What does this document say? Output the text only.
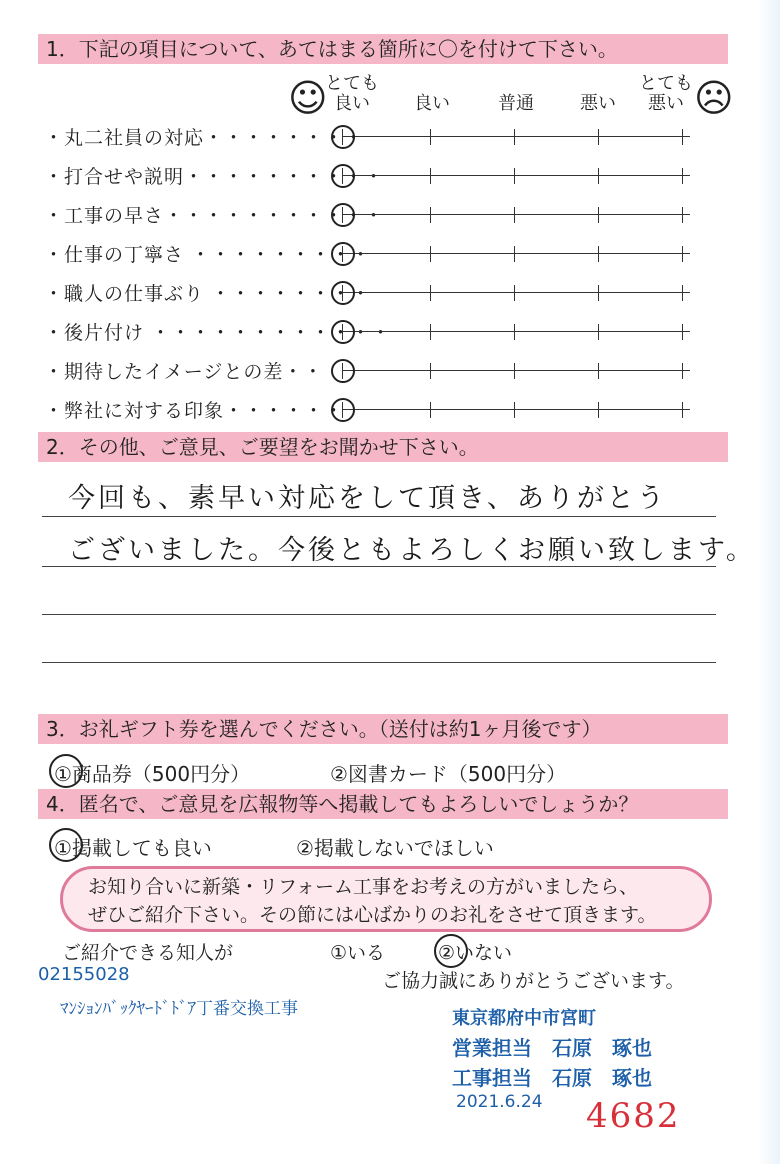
1．下記の項目について、あてはまる箇所に〇を付けて下さい。
☺	☹
とても
良い	良い	普通	悪い
とても
悪い
・丸二社員の対応・・・・・・・・
・打合せや説明・・・・・・・・・・
・工事の早さ・・・・・・・・・・・
・仕事の丁寧さ ・・・・・・・・・
・職人の仕事ぶり ・・・・・・・・
・後片付け ・・・・・・・・・・・・
・期待したイメージとの差・・
・弊社に対する印象・・・・・・
2．その他、ご意見、ご要望をお聞かせ下さい。
今回も、素早い対応をして頂き、ありがとう
ございました。今後ともよろしくお願い致します。
3．お礼ギフト券を選んでください。（送付は約1ヶ月後です）
①商品券（500円分）	②図書カード（500円分）
4．匿名で、ご意見を広報物等へ掲載してもよろしいでしょうか？
①掲載しても良い	②掲載しないでほしい
お知り合いに新築・リフォーム工事をお考えの方がいましたら、
ぜひご紹介下さい。その節には心ばかりのお礼をさせて頂きます。
ご紹介できる知人が	①いる	②いない
ご協力誠にありがとうございます。
02155028
ﾏﾝｼｮﾝﾊﾞｯｸﾔｰﾄﾞﾄﾞｱ丁番交換工事	東京都府中市宮町
営業担当　石原　琢也
工事担当　石原　琢也
2021.6.24 4682
